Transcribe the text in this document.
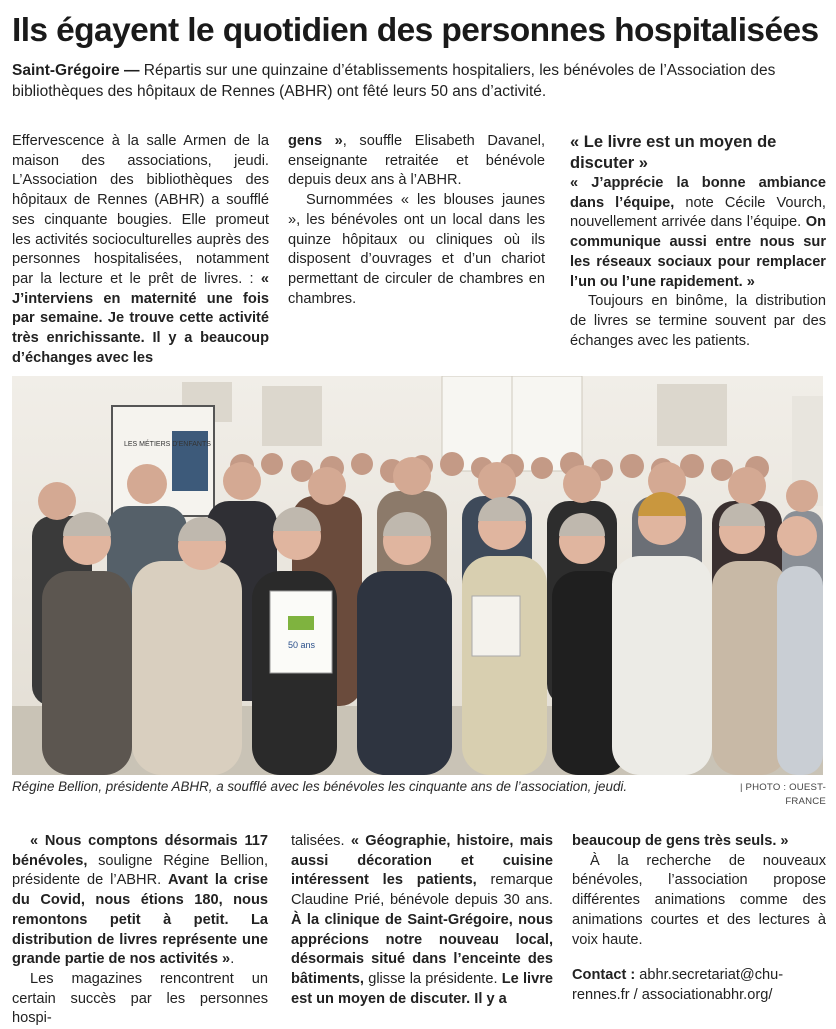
Ils égayent le quotidien des personnes hospitalisées

Saint-Grégoire — Répartis sur une quinzaine d’établissements hospitaliers, les bénévoles de l’Association des bibliothèques des hôpitaux de Rennes (ABHR) ont fêté leurs 50 ans d’activité.

Effervescence à la salle Armen de la maison des associations, jeudi. L’Association des bibliothèques des hôpitaux de Rennes (ABHR) a soufflé ses cinquante bougies. Elle promeut les activités socioculturelles auprès des personnes hospitalisées, notamment par la lecture et le prêt de livres. : « J’interviens en maternité une fois par semaine. Je trouve cette activité très enrichissante. Il y a beaucoup d’échanges avec les

gens », souffle Elisabeth Davanel, enseignante retraitée et bénévole depuis deux ans à l’ABHR.

Surnommées « les blouses jaunes », les bénévoles ont un local dans les quinze hôpitaux ou cliniques où ils disposent d’ouvrages et d’un chariot permettant de circuler de chambres en chambres.

« Le livre est un moyen de discuter »

« J’apprécie la bonne ambiance dans l’équipe, note Cécile Vourch, nouvellement arrivée dans l’équipe. On communique aussi entre nous sur les réseaux sociaux pour remplacer l’un ou l’une rapidement. »

Toujours en binôme, la distribution de livres se termine souvent par des échanges avec les patients.

LES MÉTIERS D'ENFANTS
50 ans

Régine Bellion, présidente ABHR, a soufflé avec les bénévoles les cinquante ans de l’association, jeudi.	| PHOTO : OUEST-FRANCE

« Nous comptons désormais 117 bénévoles, souligne Régine Bellion, présidente de l’ABHR. Avant la crise du Covid, nous étions 180, nous remontons petit à petit. La distribution de livres représente une grande partie de nos activités ».

Les magazines rencontrent un certain succès par les personnes hospi-

talisées. « Géographie, histoire, mais aussi décoration et cuisine intéressent les patients, remarque Claudine Prié, bénévole depuis 30 ans. À la clinique de Saint-Grégoire, nous apprécions notre nouveau local, désormais situé dans l’enceinte des bâtiments, glisse la présidente. Le livre est un moyen de discuter. Il y a

beaucoup de gens très seuls. »

À la recherche de nouveaux bénévoles, l’association propose différentes animations comme des animations courtes et des lectures à voix haute.

Contact : abhr.secretariat@chu-rennes.fr / associationabhr.org/
